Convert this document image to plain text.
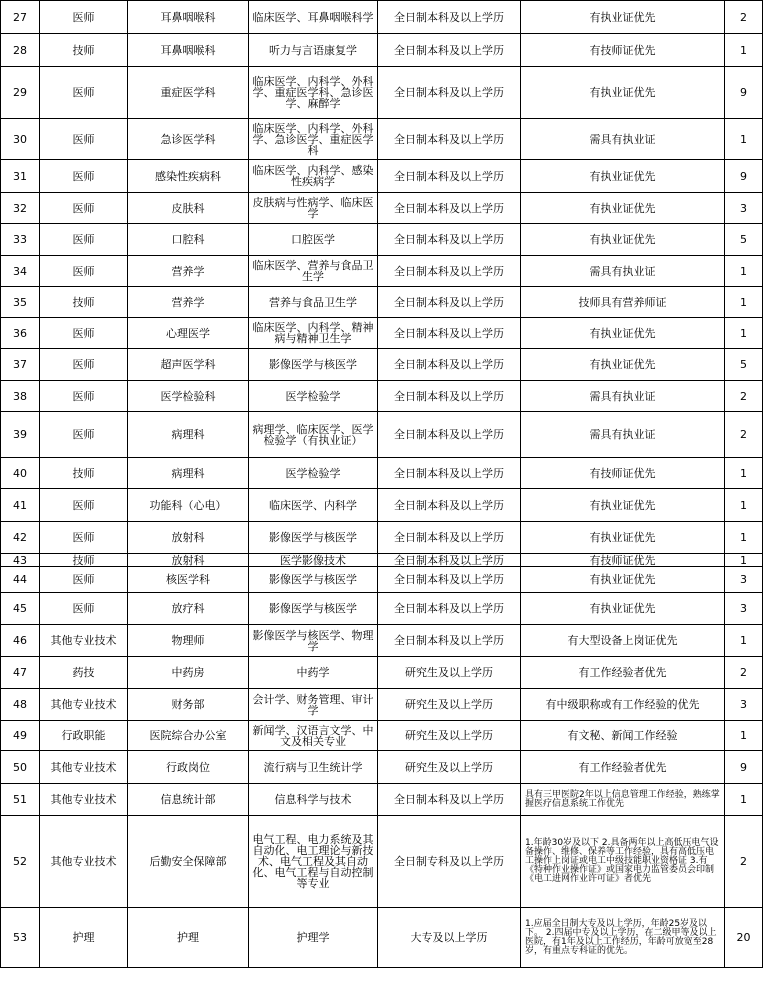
27	医师	耳鼻咽喉科	临床医学、耳鼻咽喉科学	全日制本科及以上学历	有执业证优先	2
28	技师	耳鼻咽喉科	听力与言语康复学	全日制本科及以上学历	有技师证优先	1
29	医师	重症医学科	临床医学、内科学、外科学、重症医学科、急诊医学、麻醉学	全日制本科及以上学历	有执业证优先	9
30	医师	急诊医学科	临床医学、内科学、外科学、急诊医学、重症医学科	全日制本科及以上学历	需具有执业证	1
31	医师	感染性疾病科	临床医学、内科学、感染性疾病学	全日制本科及以上学历	有执业证优先	9
32	医师	皮肤科	皮肤病与性病学、临床医学	全日制本科及以上学历	有执业证优先	3
33	医师	口腔科	口腔医学	全日制本科及以上学历	有执业证优先	5
34	医师	营养学	临床医学、营养与食品卫生学	全日制本科及以上学历	需具有执业证	1
35	技师	营养学	营养与食品卫生学	全日制本科及以上学历	技师具有营养师证	1
36	医师	心理医学	临床医学、内科学、精神病与精神卫生学	全日制本科及以上学历	有执业证优先	1
37	医师	超声医学科	影像医学与核医学	全日制本科及以上学历	有执业证优先	5
38	医师	医学检验科	医学检验学	全日制本科及以上学历	需具有执业证	2
39	医师	病理科	病理学、临床医学、医学检验学（有执业证）	全日制本科及以上学历	需具有执业证	2
40	技师	病理科	医学检验学	全日制本科及以上学历	有技师证优先	1
41	医师	功能科（心电）	临床医学、内科学	全日制本科及以上学历	有执业证优先	1
42	医师	放射科	影像医学与核医学	全日制本科及以上学历	有执业证优先	1
43	技师	放射科	医学影像技术	全日制本科及以上学历	有技师证优先	1
44	医师	核医学科	影像医学与核医学	全日制本科及以上学历	有执业证优先	3
45	医师	放疗科	影像医学与核医学	全日制本科及以上学历	有执业证优先	3
46	其他专业技术	物理师	影像医学与核医学、物理学	全日制本科及以上学历	有大型设备上岗证优先	1
47	药技	中药房	中药学	研究生及以上学历	有工作经验者优先	2
48	其他专业技术	财务部	会计学、财务管理、审计学	研究生及以上学历	有中级职称或有工作经验的优先	3
49	行政职能	医院综合办公室	新闻学、汉语言文学、中文及相关专业	研究生及以上学历	有文秘、新闻工作经验	1
50	其他专业技术	行政岗位	流行病与卫生统计学	研究生及以上学历	有工作经验者优先	9
51	其他专业技术	信息统计部	信息科学与技术	全日制本科及以上学历	具有三甲医院2年以上信息管理工作经验，熟练掌握医疗信息系统工作优先	1
52	其他专业技术	后勤安全保障部	电气工程、电力系统及其自动化、电工理论与新技术、电气工程及其自动化、电气工程与自动控制等专业	全日制专科及以上学历	1.年龄30岁及以下 2.具备两年以上高低压电气设备操作、维修、保养等工作经验，具有高低压电工操作上岗证或电工中级技能职业资格证 3.有《特种作业操作证》或国家电力监管委员会印制《电工进网作业许可证》者优先	2
53	护理	护理	护理学	大专及以上学历	1.应届全日制大专及以上学历，年龄25岁及以下。 2.四届中专及以上学历，在二级甲等及以上医院，有1年及以上工作经历，年龄可放宽至28岁，有重点专科证的优先。	20
